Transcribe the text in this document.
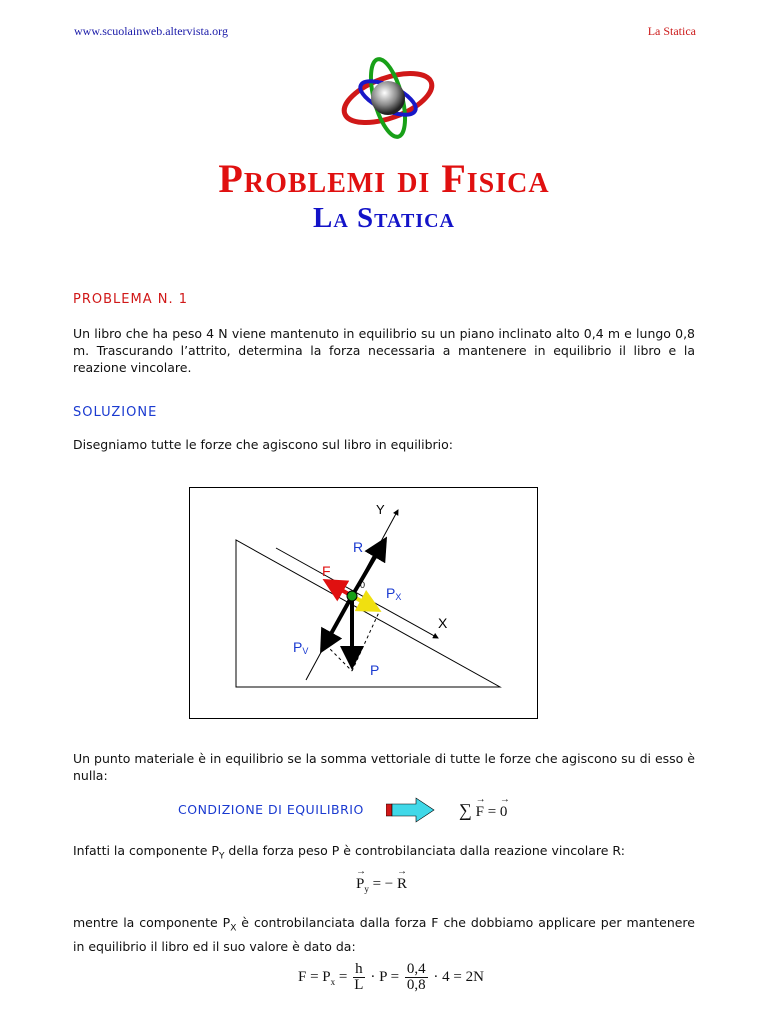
www.scuolainweb.altervista.org	La Statica
Problemi di Fisica
La Statica
PROBLEMA N. 1
Un libro che ha peso 4 N viene mantenuto in equilibrio su un piano inclinato alto 0,4 m e lungo 0,8 m. Trascurando l’attrito, determina la forza necessaria a mantenere in equilibrio il libro e la reazione vincolare.
SOLUZIONE
Disegniamo tutte le forze che agiscono sul libro in equilibrio:
Y
R
F
0 PX
X
PV
P
Un punto materiale è in equilibrio se la somma vettoriale di tutte le forze che agiscono su di esso è nulla:
CONDIZIONE DI EQUILIBRIO	∑ → F = → 0
Infatti la componente $P_Y$ della forza peso P è controbilanciata dalla reazione vincolare R:
→ $P_y$ = − → R
mentre la componente $P_X$ è controbilanciata dalla forza F che dobbiamo applicare per mantenere in equilibrio il libro ed il suo valore è dato da:
$F = P_x = \frac{h}{L} \cdot P = \frac{0,4}{0,8} \cdot 4 = 2N$
